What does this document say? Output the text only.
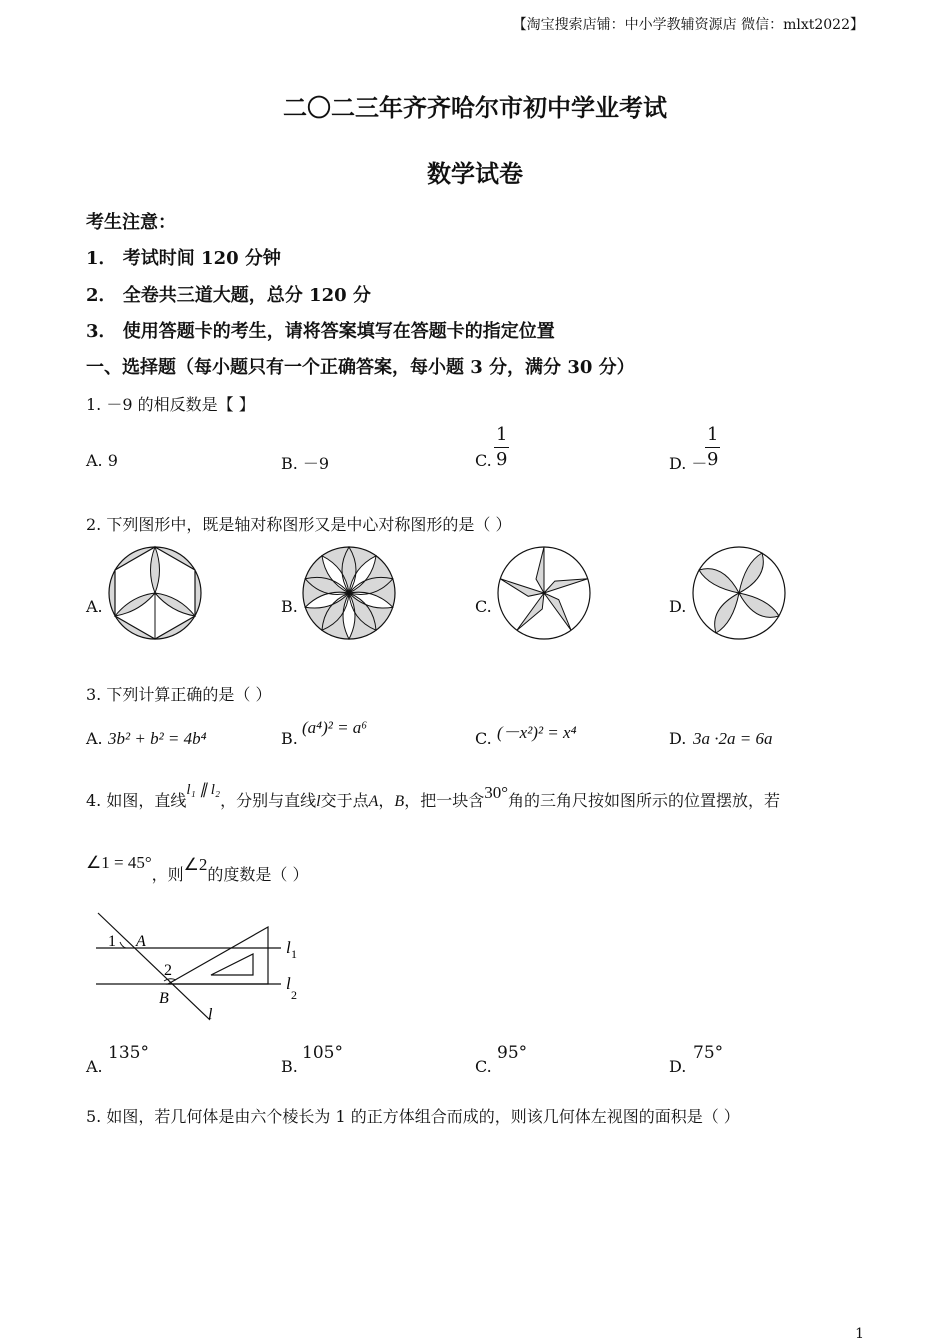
【淘宝搜索店铺：中小学教辅资源店 微信：mlxt2022】
二〇二三年齐齐哈尔市初中学业考试
数学试卷
考生注意：
1． 考试时间 120 分钟
2． 全卷共三道大题，总分 120 分
3． 使用答题卡的考生，请将答案填写在答题卡的指定位置
一、选择题（每小题只有一个正确答案，每小题 3 分，满分 30 分）
1. －9 的相反数是【 】
A. 9	B. －9	C. $\frac{1}{9}$	D. －
$\frac{1}{9}$
2. 下列图形中，既是轴对称图形又是中心对称图形的是（ ）
A.	B.	C.	D.
3. 下列计算正确的是（ ）
A. 3b² + b² = 4b⁴	B.
(a⁴)² = a⁶
C. (－x²)² = x⁴	D. 3a ·2a = 6a
4. 如图，直线l₁ ∥ l₂，分别与直线l交于点A，B，把一块含30°角的三角尺按如图所示的位置摆放，若
∠1 = 45°，则∠2的度数是（ ）
1 A
2
B
l
l 1
l
2
A.
135°
B.
105°
C.
95°
D.
75°
5. 如图，若几何体是由六个棱长为 1 的正方体组合而成的，则该几何体左视图的面积是（ ）
1
